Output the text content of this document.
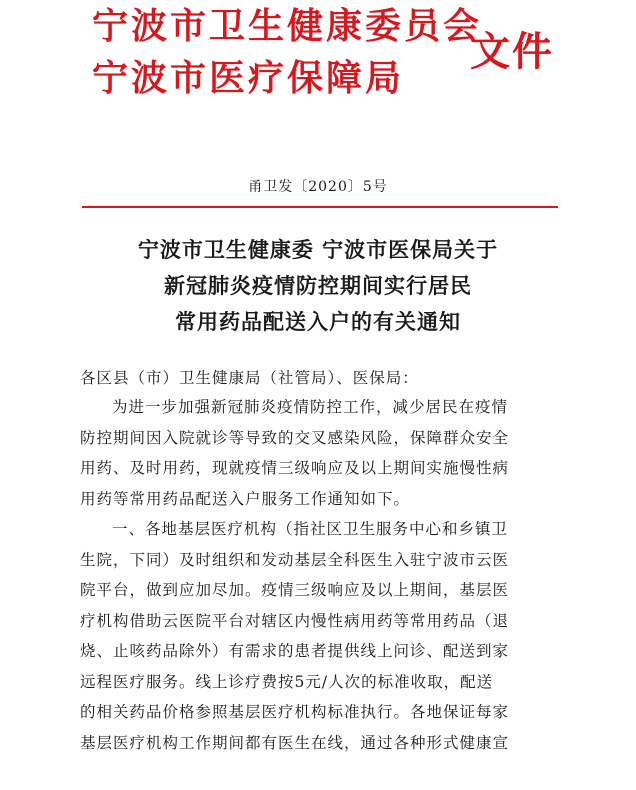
宁波市卫生健康委员会
宁波市医疗保障局
文件
甬卫发〔2020〕5号
宁波市卫生健康委 宁波市医保局关于
新冠肺炎疫情防控期间实行居民
常用药品配送入户的有关通知
各区县（市）卫生健康局（社管局）、医保局：
为进一步加强新冠肺炎疫情防控工作，减少居民在疫情
防控期间因入院就诊等导致的交叉感染风险，保障群众安全
用药、及时用药，现就疫情三级响应及以上期间实施慢性病
用药等常用药品配送入户服务工作通知如下。
一、各地基层医疗机构（指社区卫生服务中心和乡镇卫
生院，下同）及时组织和发动基层全科医生入驻宁波市云医
院平台，做到应加尽加。疫情三级响应及以上期间，基层医
疗机构借助云医院平台对辖区内慢性病用药等常用药品（退
烧、止咳药品除外）有需求的患者提供线上问诊、配送到家
远程医疗服务。线上诊疗费按5元/人次的标准收取，配送
的相关药品价格参照基层医疗机构标准执行。各地保证每家
基层医疗机构工作期间都有医生在线，通过各种形式健康宣
